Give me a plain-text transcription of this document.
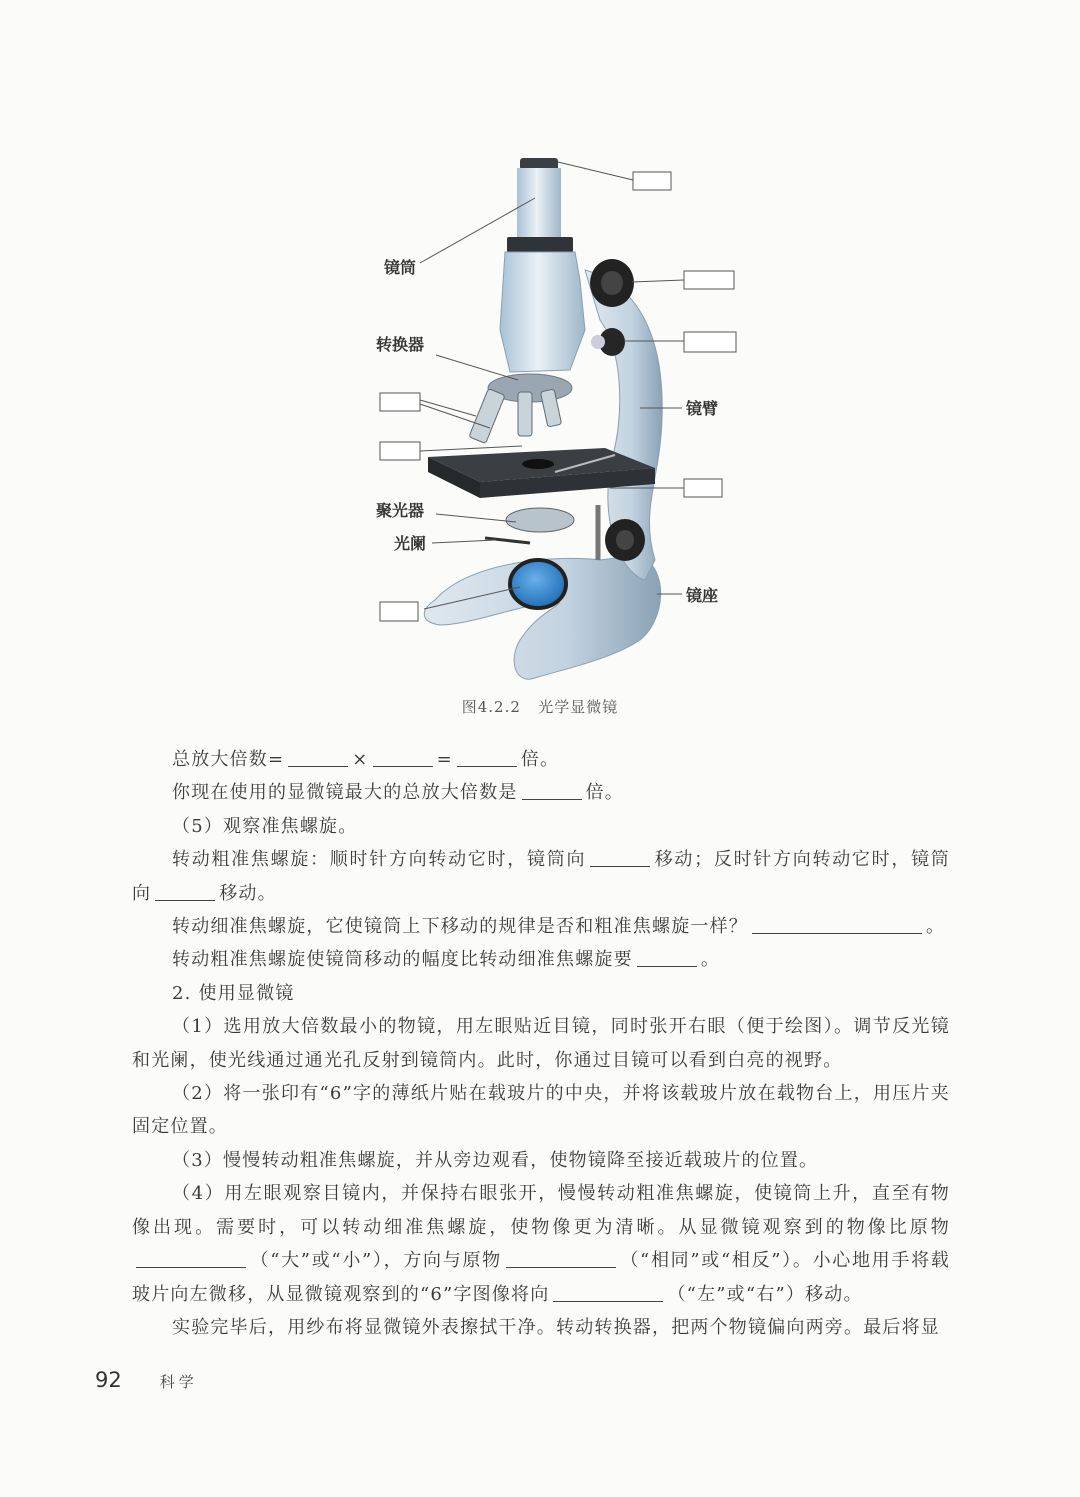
镜筒
转换器
镜臂
聚光器
光阑
镜座
图4.2.2 光学显微镜

总放大倍数=	×	=	倍。

你现在使用的显微镜最大的总放大倍数是	倍。

（5）观察准焦螺旋。

转动粗准焦螺旋：顺时针方向转动它时，镜筒向	移动；反时针方向转动它时，镜筒向	移动。

转动细准焦螺旋，它使镜筒上下移动的规律是否和粗准焦螺旋一样？	。

转动粗准焦螺旋使镜筒移动的幅度比转动细准焦螺旋要	。

2. 使用显微镜

（1）选用放大倍数最小的物镜，用左眼贴近目镜，同时张开右眼（便于绘图）。调节反光镜和光阑，使光线通过通光孔反射到镜筒内。此时，你通过目镜可以看到白亮的视野。

（2）将一张印有“6”字的薄纸片贴在载玻片的中央，并将该载玻片放在载物台上，用压片夹固定位置。

（3）慢慢转动粗准焦螺旋，并从旁边观看，使物镜降至接近载玻片的位置。

（4）用左眼观察目镜内，并保持右眼张开，慢慢转动粗准焦螺旋，使镜筒上升，直至有物像出现。需要时，可以转动细准焦螺旋，使物像更为清晰。从显微镜观察到的物像比原物（“大”或“小”），方向与原物	（“相同”或“相反”）。小心地用手将载玻片向左微移，从显微镜观察到的“6”字图像将向	（“左”或“右”）移动。

实验完毕后，用纱布将显微镜外表擦拭干净。转动转换器，把两个物镜偏向两旁。最后将显

92	科学
